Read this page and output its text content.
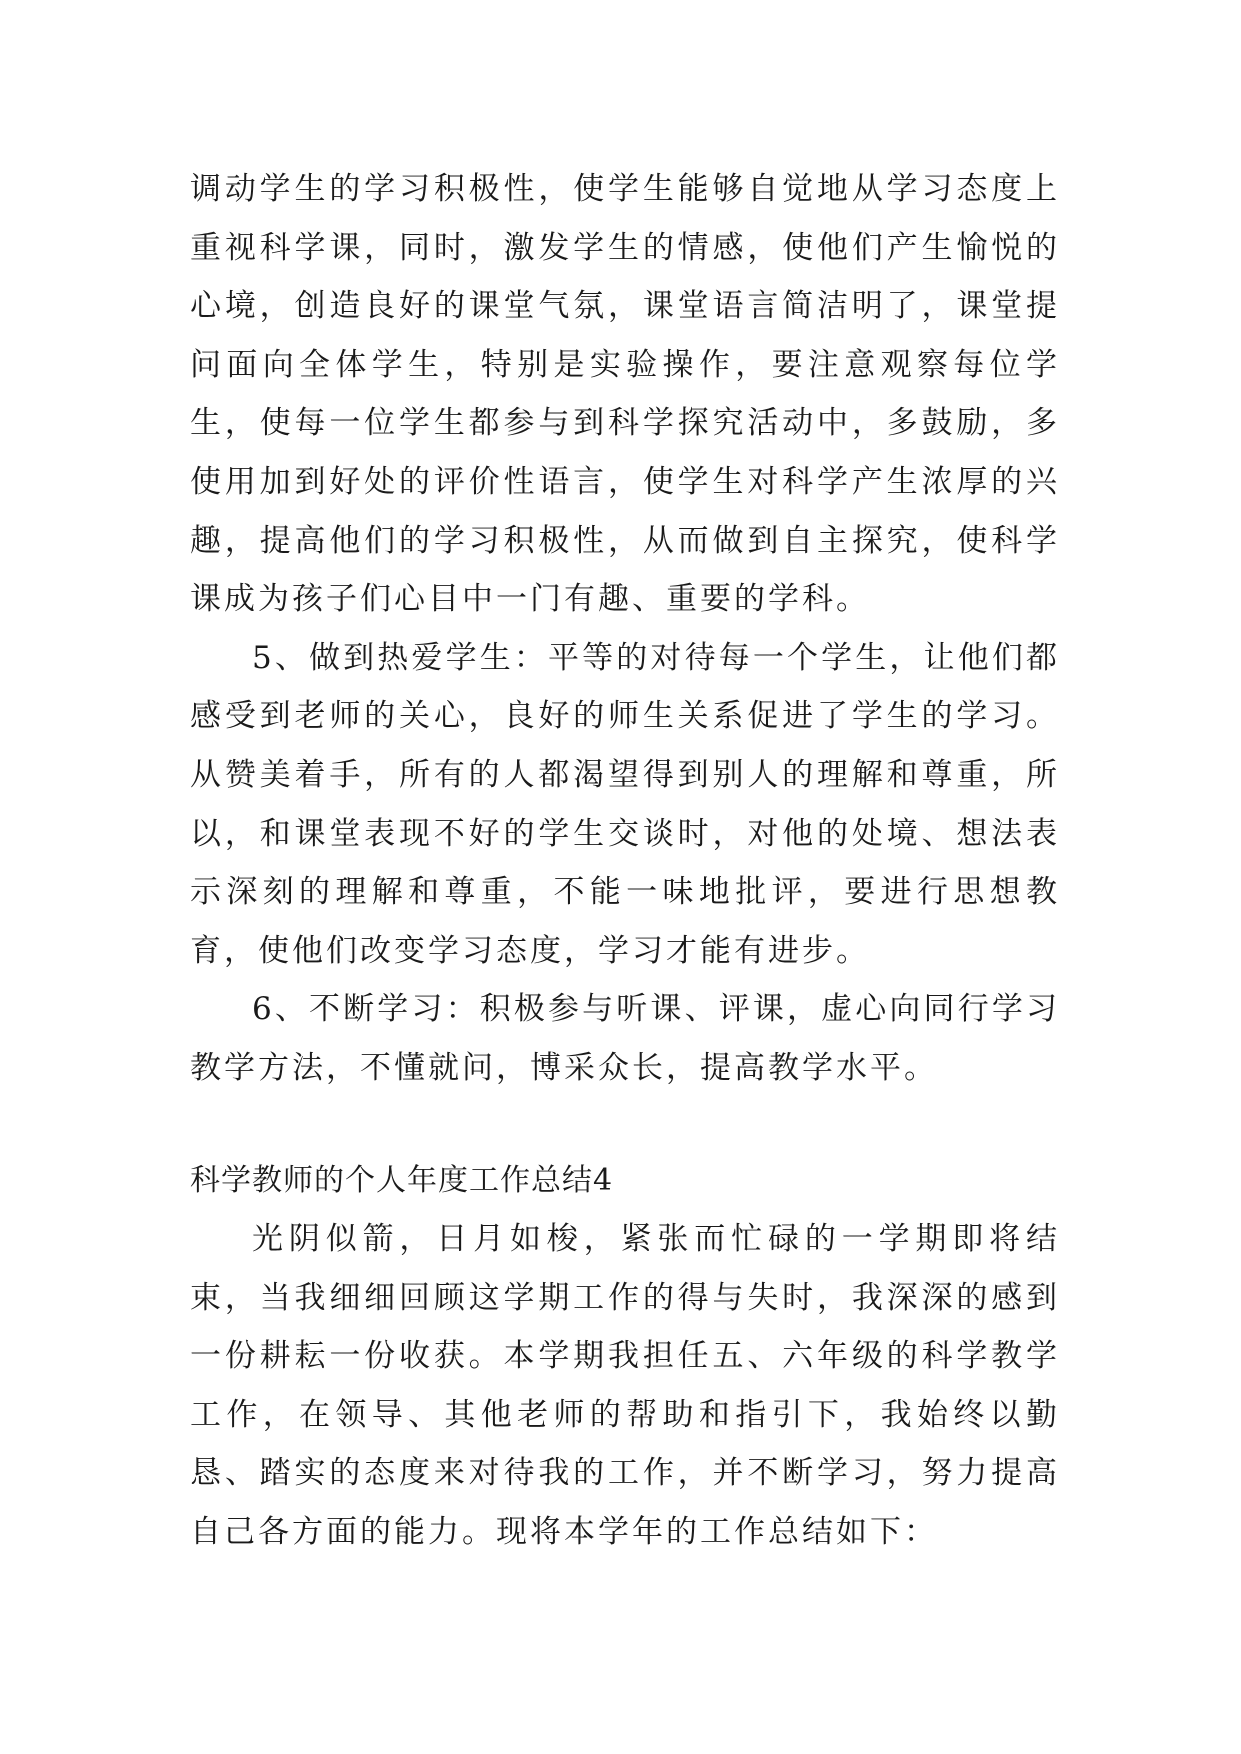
调动学生的学习积极性，使学生能够自觉地从学习态度上重视科学课，同时，激发学生的情感，使他们产生愉悦的心境，创造良好的课堂气氛，课堂语言简洁明了，课堂提问面向全体学生，特别是实验操作，要注意观察每位学生，使每一位学生都参与到科学探究活动中，多鼓励，多使用加到好处的评价性语言，使学生对科学产生浓厚的兴趣，提高他们的学习积极性，从而做到自主探究，使科学课成为孩子们心目中一门有趣、重要的学科。

5、做到热爱学生：平等的对待每一个学生，让他们都感受到老师的关心，良好的师生关系促进了学生的学习。从赞美着手，所有的人都渴望得到别人的理解和尊重，所以，和课堂表现不好的学生交谈时，对他的处境、想法表示深刻的理解和尊重，不能一味地批评，要进行思想教育，使他们改变学习态度，学习才能有进步。

6、不断学习：积极参与听课、评课，虚心向同行学习教学方法，不懂就问，博采众长，提高教学水平。

科学教师的个人年度工作总结4

光阴似箭，日月如梭，紧张而忙碌的一学期即将结束，当我细细回顾这学期工作的得与失时，我深深的感到一份耕耘一份收获。本学期我担任五、六年级的科学教学工作，在领导、其他老师的帮助和指引下，我始终以勤恳、踏实的态度来对待我的工作，并不断学习，努力提高自己各方面的能力。现将本学年的工作总结如下：
